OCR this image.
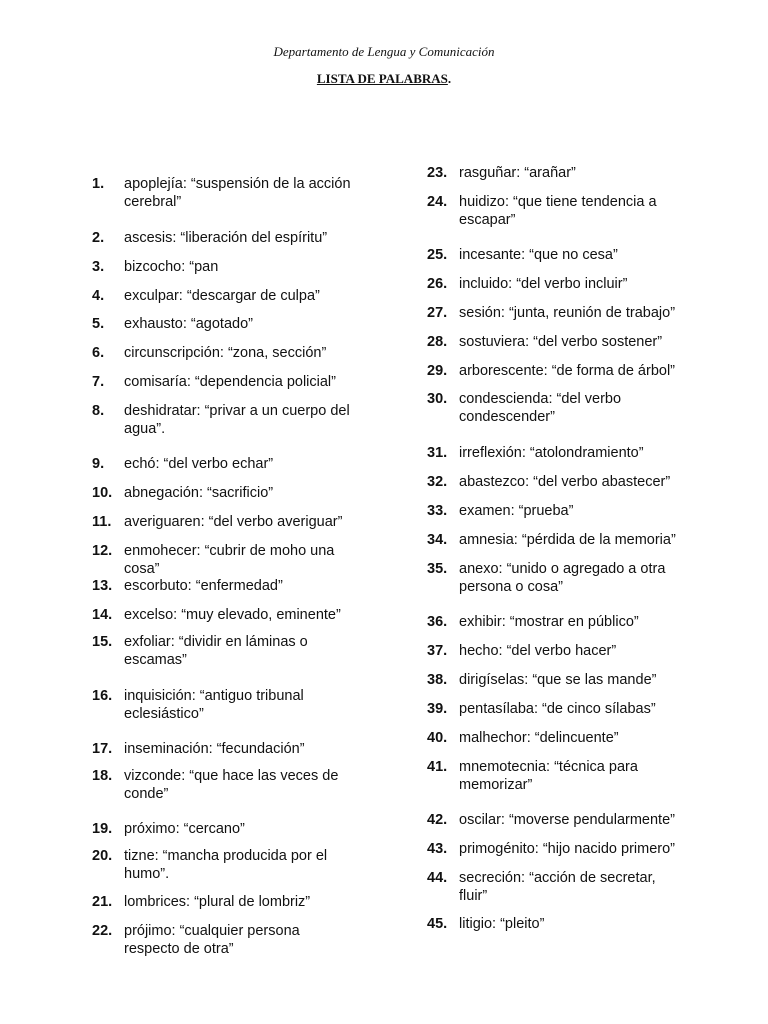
Departamento de Lengua y Comunicación
LISTA DE PALABRAS.
1. apoplejía: “suspensión de la acción
cerebral”
2. ascesis: “liberación del espíritu”
3. bizcocho: “pan
4. exculpar: “descargar de culpa”
5. exhausto: “agotado”
6. circunscripción: “zona, sección”
7. comisaría: “dependencia policial”
8. deshidratar: “privar a un cuerpo del
agua”.
9. echó: “del verbo echar”
10. abnegación: “sacrificio”
11. averiguaren: “del verbo averiguar”
12. enmohecer: “cubrir de moho una
cosa”
13. escorbuto: “enfermedad”
14. excelso: “muy elevado, eminente”
15. exfoliar: “dividir en láminas o
escamas”
16. inquisición: “antiguo tribunal
eclesiástico”
17. inseminación: “fecundación”
18. vizconde: “que hace las veces de
conde”
19. próximo: “cercano”
20. tizne: “mancha producida por el
humo”.
21. lombrices: “plural de lombriz”
22. prójimo: “cualquier persona
respecto de otra”
23. rasguñar: “arañar”
24. huidizo: “que tiene tendencia a
escapar”
25. incesante: “que no cesa”
26. incluido: “del verbo incluir”
27. sesión: “junta, reunión de trabajo”
28. sostuviera: “del verbo sostener”
29. arborescente: “de forma de árbol”
30. condescienda: “del verbo
condescender”
31. irreflexión: “atolondramiento”
32. abastezco: “del verbo abastecer”
33. examen: “prueba”
34. amnesia: “pérdida de la memoria”
35. anexo: “unido o agregado a otra
persona o cosa”
36. exhibir: “mostrar en público”
37. hecho: “del verbo hacer”
38. dirigíselas: “que se las mande”
39. pentasílaba: “de cinco sílabas”
40. malhechor: “delincuente”
41. mnemotecnia: “técnica para
memorizar”
42. oscilar: “moverse pendularmente”
43. primogénito: “hijo nacido primero”
44. secreción: “acción de secretar,
fluir”
45. litigio: “pleito”
